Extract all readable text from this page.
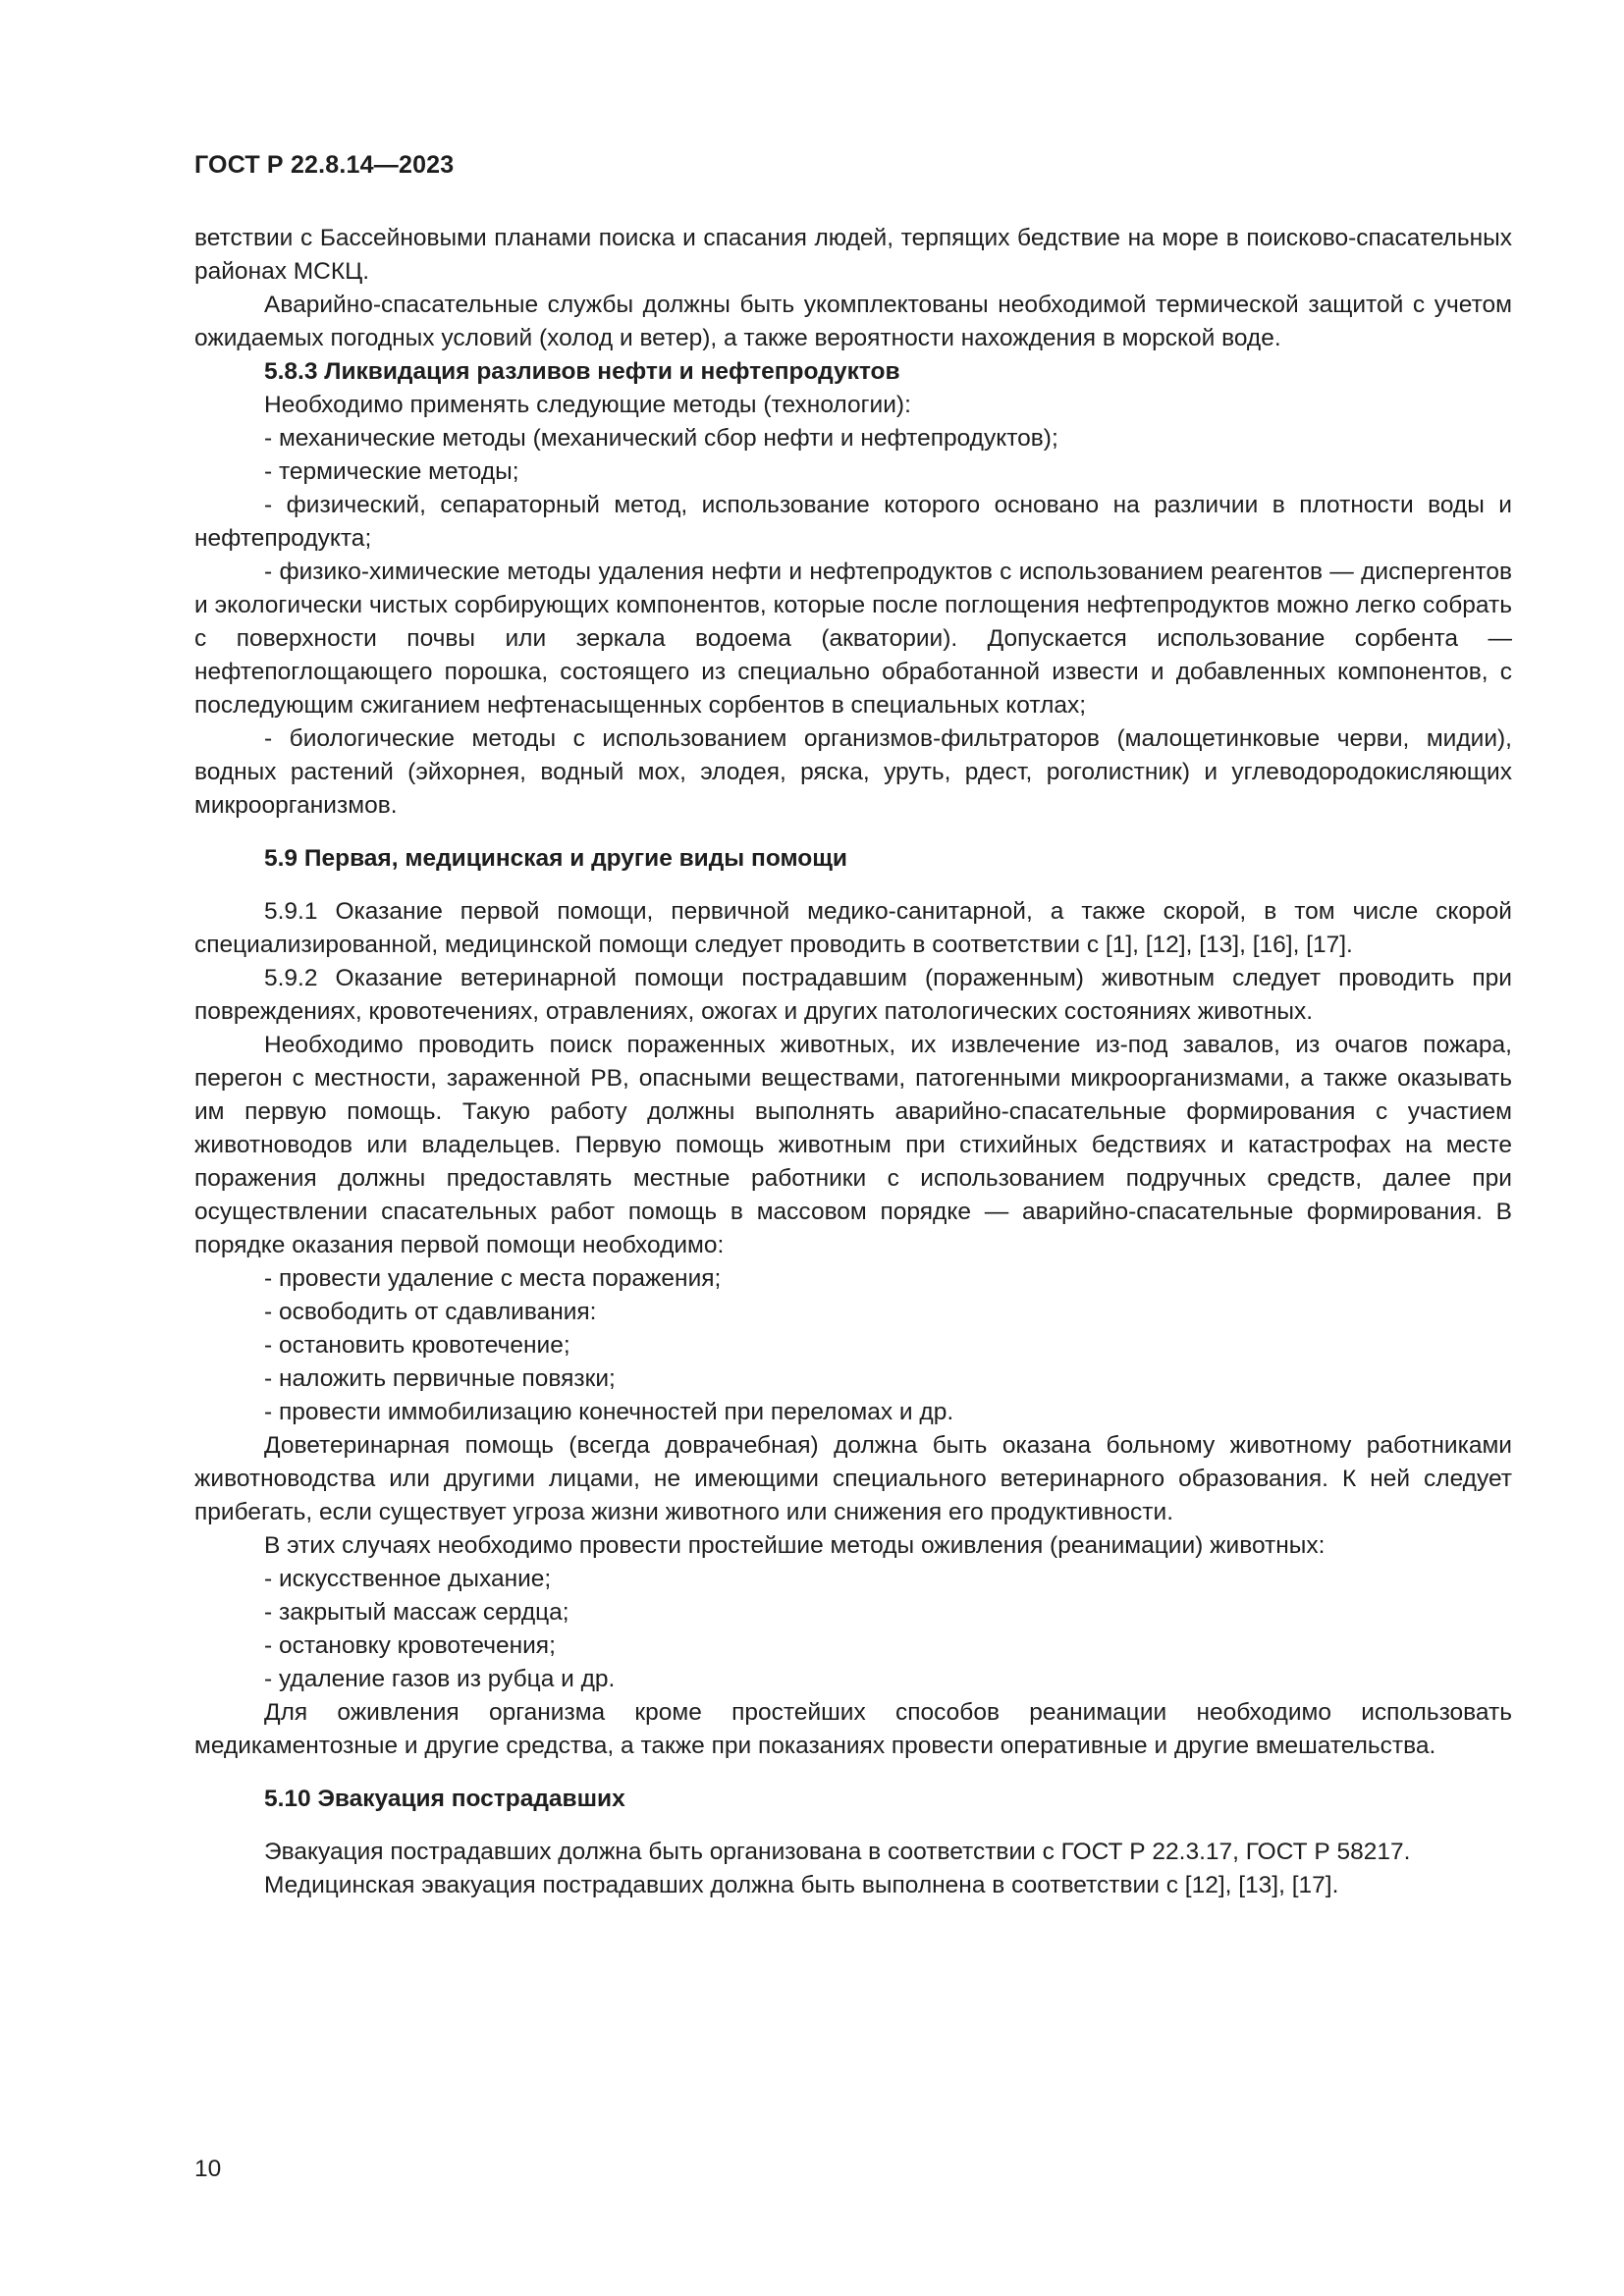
ГОСТ Р 22.8.14—2023

ветствии с Бассейновыми планами поиска и спасания людей, терпящих бедствие на море в поисково-спасательных районах МСКЦ.

Аварийно-спасательные службы должны быть укомплектованы необходимой термической защитой с учетом ожидаемых погодных условий (холод и ветер), а также вероятности нахождения в морской воде.

5.8.3 Ликвидация разливов нефти и нефтепродуктов

Необходимо применять следующие методы (технологии):

- механические методы (механический сбор нефти и нефтепродуктов);

- термические методы;

- физический, сепараторный метод, использование которого основано на различии в плотности воды и нефтепродукта;

- физико-химические методы удаления нефти и нефтепродуктов с использованием реагентов — диспергентов и экологически чистых сорбирующих компонентов, которые после поглощения нефтепродуктов можно легко собрать с поверхности почвы или зеркала водоема (акватории). Допускается использование сорбента — нефтепоглощающего порошка, состоящего из специально обработанной извести и добавленных компонентов, с последующим сжиганием нефтенасыщенных сорбентов в специальных котлах;

- биологические методы с использованием организмов-фильтраторов (малощетинковые черви, мидии), водных растений (эйхорнея, водный мох, элодея, ряска, уруть, рдест, роголистник) и углеводородокисляющих микроорганизмов.

5.9 Первая, медицинская и другие виды помощи

5.9.1 Оказание первой помощи, первичной медико-санитарной, а также скорой, в том числе скорой специализированной, медицинской помощи следует проводить в соответствии с [1], [12], [13], [16], [17].

5.9.2 Оказание ветеринарной помощи пострадавшим (пораженным) животным следует проводить при повреждениях, кровотечениях, отравлениях, ожогах и других патологических состояниях животных.

Необходимо проводить поиск пораженных животных, их извлечение из-под завалов, из очагов пожара, перегон с местности, зараженной РВ, опасными веществами, патогенными микроорганизмами, а также оказывать им первую помощь. Такую работу должны выполнять аварийно-спасательные формирования с участием животноводов или владельцев. Первую помощь животным при стихийных бедствиях и катастрофах на месте поражения должны предоставлять местные работники с использованием подручных средств, далее при осуществлении спасательных работ помощь в массовом порядке — аварийно-спасательные формирования. В порядке оказания первой помощи необходимо:

- провести удаление с места поражения;

- освободить от сдавливания:

- остановить кровотечение;

- наложить первичные повязки;

- провести иммобилизацию конечностей при переломах и др.

Доветеринарная помощь (всегда доврачебная) должна быть оказана больному животному работниками животноводства или другими лицами, не имеющими специального ветеринарного образования. К ней следует прибегать, если существует угроза жизни животного или снижения его продуктивности.

В этих случаях необходимо провести простейшие методы оживления (реанимации) животных:

- искусственное дыхание;

- закрытый массаж сердца;

- остановку кровотечения;

- удаление газов из рубца и др.

Для оживления организма кроме простейших способов реанимации необходимо использовать медикаментозные и другие средства, а также при показаниях провести оперативные и другие вмешательства.

5.10 Эвакуация пострадавших

Эвакуация пострадавших должна быть организована в соответствии с ГОСТ Р 22.3.17, ГОСТ Р 58217.

Медицинская эвакуация пострадавших должна быть выполнена в соответствии с [12], [13], [17].

10
